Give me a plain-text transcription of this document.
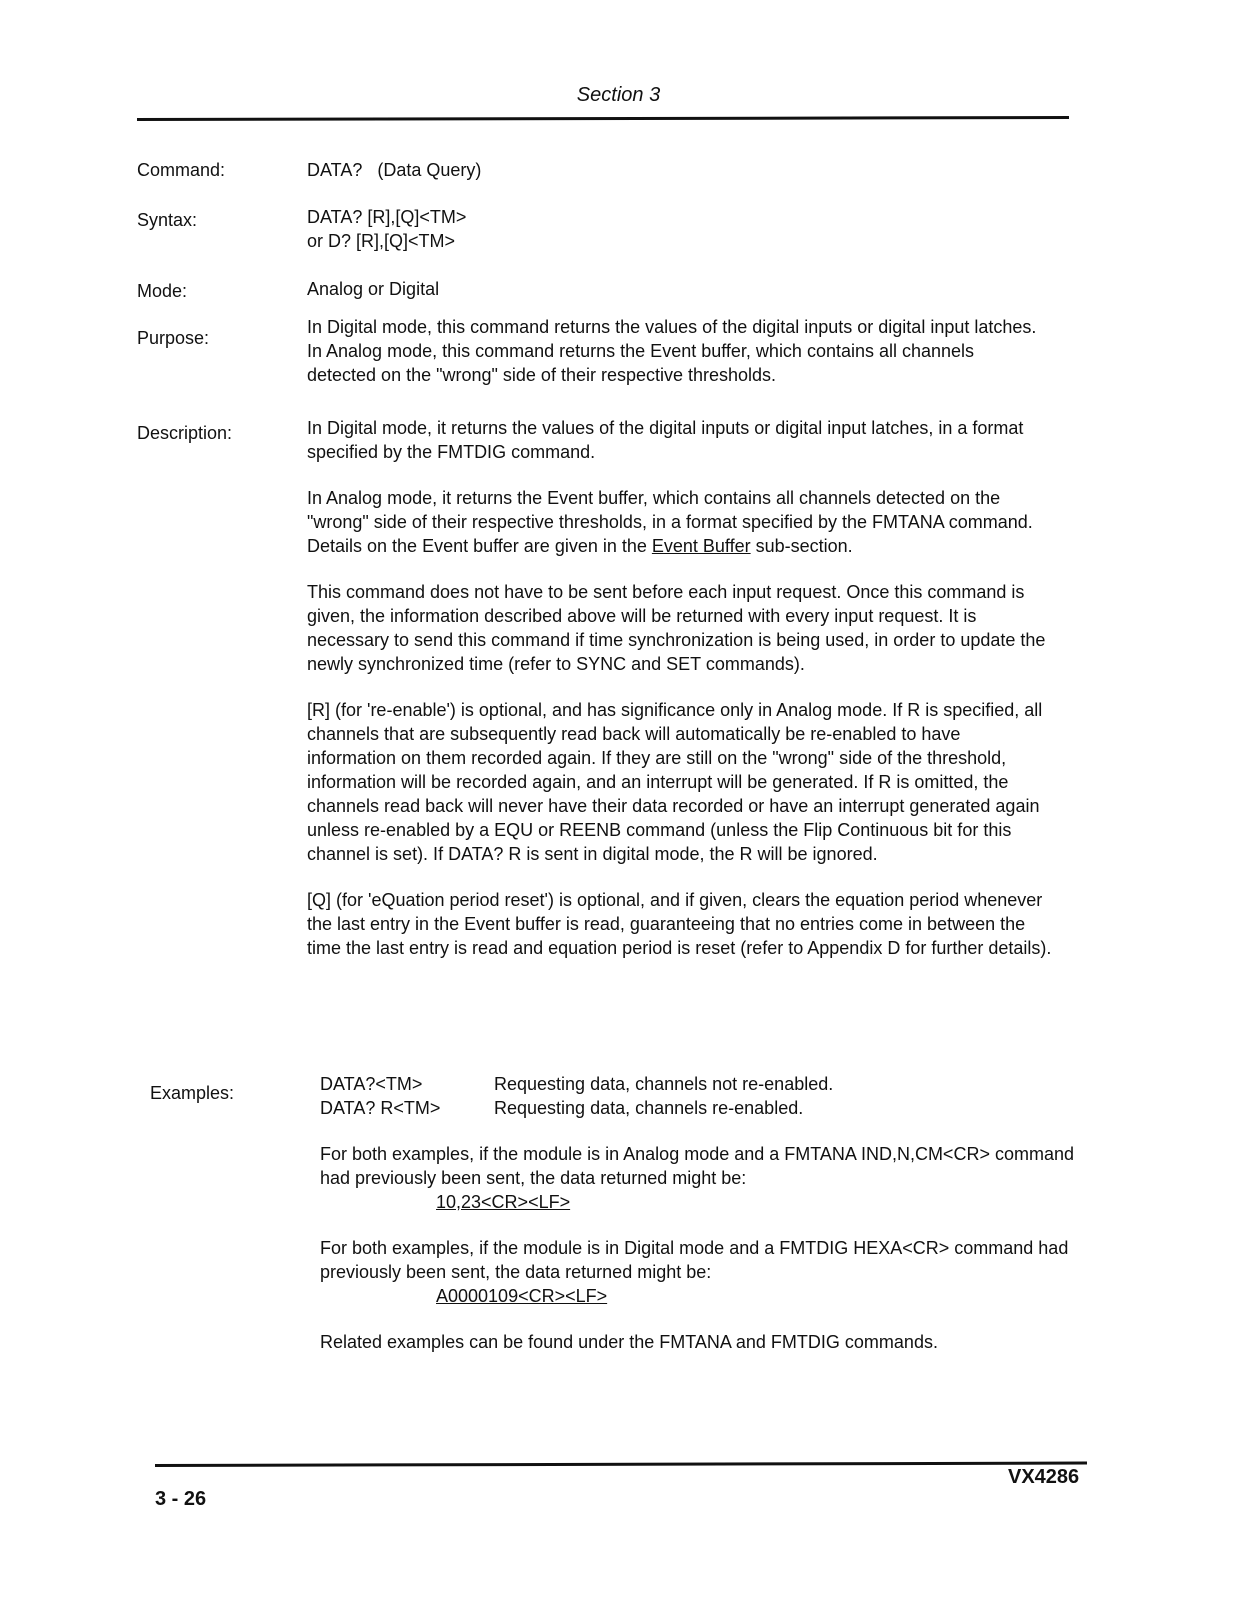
Section 3
Command:	DATA?   (Data Query)
Syntax:	DATA? [R],[Q]<TM>
or D? [R],[Q]<TM>
Mode:	Analog or Digital
Purpose:
In Digital mode, this command returns the values of the digital inputs or digital input latches. In Analog mode, this command returns the Event buffer, which contains all channels detected on the "wrong" side of their respective thresholds.
Description:	In Digital mode, it returns the values of the digital inputs or digital input latches, in a format specified by the FMTDIG command.

In Analog mode, it returns the Event buffer, which contains all channels detected on the "wrong" side of their respective thresholds, in a format specified by the FMTANA command. Details on the Event buffer are given in the Event Buffer sub-section.

This command does not have to be sent before each input request. Once this command is given, the information described above will be returned with every input request. It is necessary to send this command if time synchronization is being used, in order to update the newly synchronized time (refer to SYNC and SET commands).

[R] (for 're-enable') is optional, and has significance only in Analog mode. If R is specified, all channels that are subsequently read back will automatically be re-enabled to have information on them recorded again. If they are still on the "wrong" side of the threshold, information will be recorded again, and an interrupt will be generated. If R is omitted, the channels read back will never have their data recorded or have an interrupt generated again unless re-enabled by a EQU or REENB command (unless the Flip Continuous bit for this channel is set). If DATA? R is sent in digital mode, the R will be ignored.

[Q] (for 'eQuation period reset') is optional, and if given, clears the equation period whenever the last entry in the Event buffer is read, guaranteeing that no entries come in between the time the last entry is read and equation period is reset (refer to Appendix D for further details).

Examples:	DATA?<TM>	Requesting data, channels not re-enabled.
DATA? R<TM>	Requesting data, channels re-enabled.

For both examples, if the module is in Analog mode and a FMTANA IND,N,CM<CR> command had previously been sent, the data returned might be:
10,23<CR><LF>

For both examples, if the module is in Digital mode and a FMTDIG HEXA<CR> command had previously been sent, the data returned might be:
A0000109<CR><LF>

Related examples can be found under the FMTANA and FMTDIG commands.

3 - 26
VX4286
